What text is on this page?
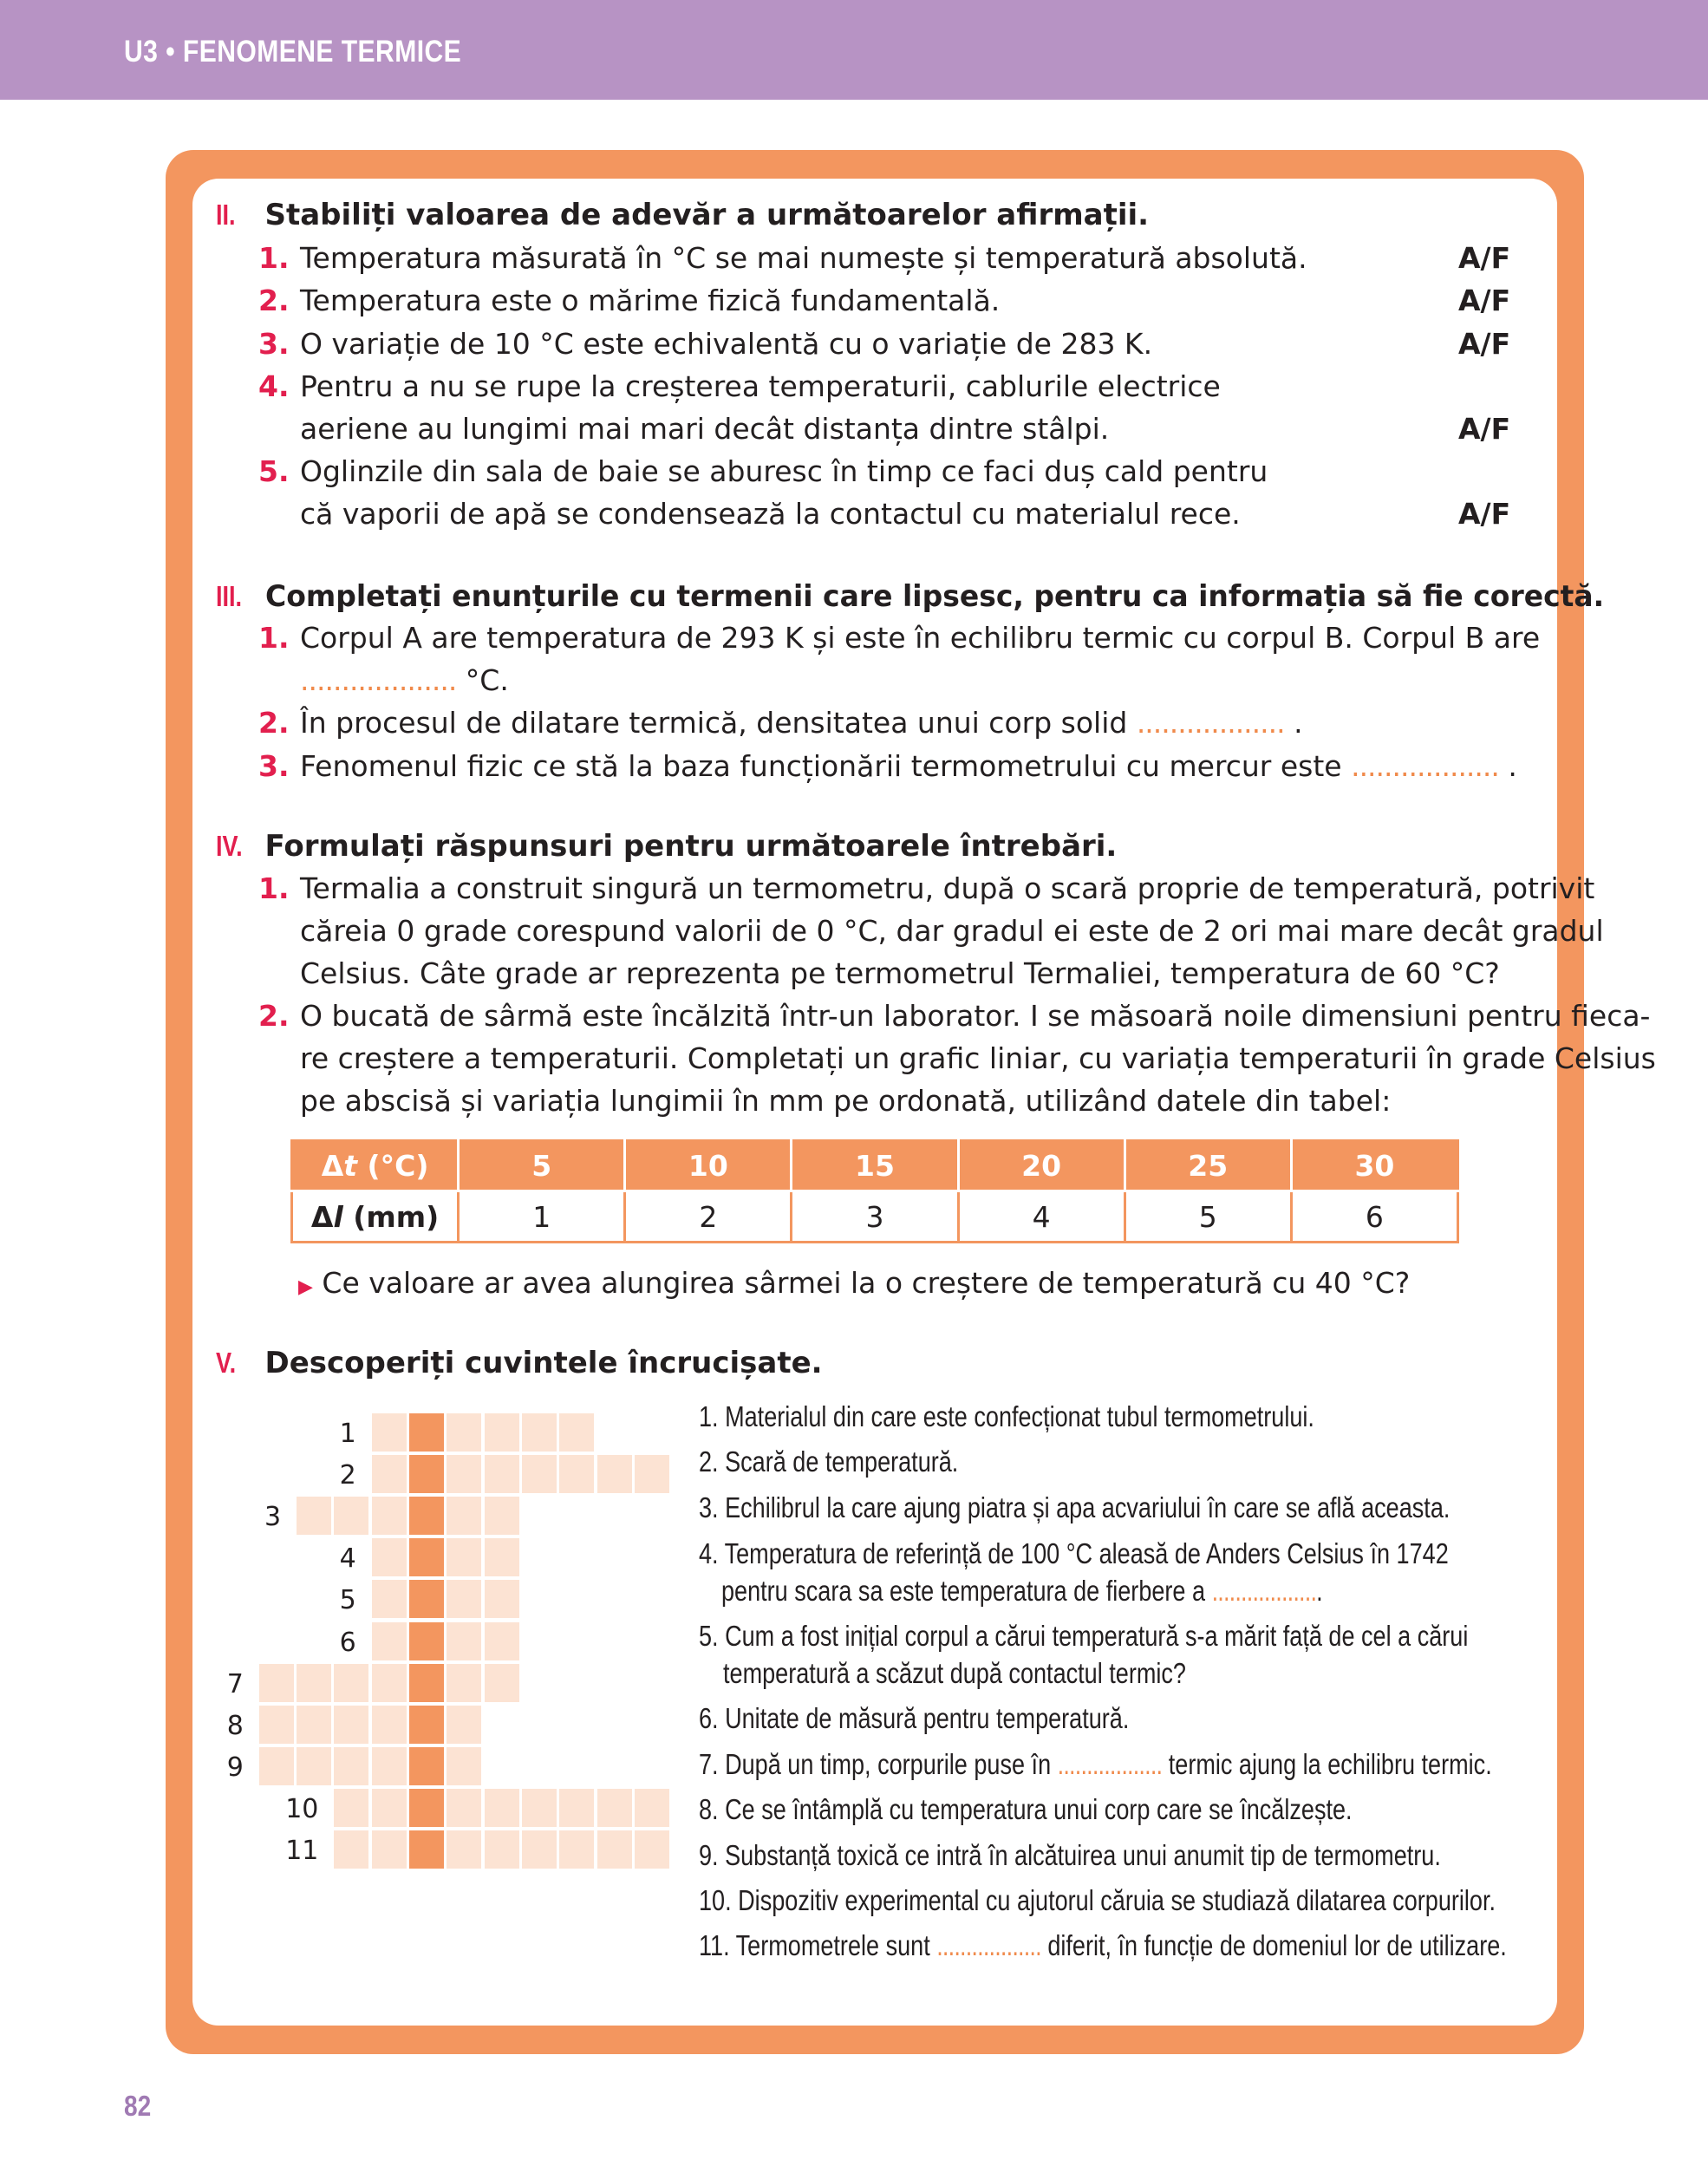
U3 • FENOMENE TERMICE
82
II. Stabiliți valoarea de adevăr a următoarelor afirmații.
1. Temperatura măsurată în °C se mai numește și temperatură absolută.	A/F
2. Temperatura este o mărime fizică fundamentală.	A/F
3. O variație de 10 °C este echivalentă cu o variație de 283 K.	A/F
4. Pentru a nu se rupe la creșterea temperaturii, cablurile electrice
aeriene au lungimi mai mari decât distanța dintre stâlpi.	A/F
5. Oglinzile din sala de baie se aburesc în timp ce faci duș cald pentru
că vaporii de apă se condensează la contactul cu materialul rece.	A/F
III. Completați enunțurile cu termenii care lipsesc, pentru ca informația să fie corectă.
1. Corpul A are temperatura de 293 K și este în echilibru termic cu corpul B. Corpul B are
................... °C.
2. În procesul de dilatare termică, densitatea unui corp solid .................. .
3. Fenomenul fizic ce stă la baza funcționării termometrului cu mercur este .................. .
IV. Formulați răspunsuri pentru următoarele întrebări.
1. Termalia a construit singură un termometru, după o scară proprie de temperatură, potrivit
căreia 0 grade corespund valorii de 0 °C, dar gradul ei este de 2 ori mai mare decât gradul
Celsius. Câte grade ar reprezenta pe termometrul Termaliei, temperatura de 60 °C?
2. O bucată de sârmă este încălzită într-un laborator. I se măsoară noile dimensiuni pentru fieca-
re creștere a temperaturii. Completați un grafic liniar, cu variația temperaturii în grade Celsius
pe abscisă și variația lungimii în mm pe ordonată, utilizând datele din tabel:
Δt (°C)	5	10	15	20	25	30
Δl (mm)	1	2	3	4	5	6
▶ Ce valoare ar avea alungirea sârmei la o creștere de temperatură cu 40 °C?
V. Descoperiți cuvintele încrucișate.
1
2
3
4
5
6
7
8
9
10
11
1. Materialul din care este confecționat tubul termometrului.
2. Scară de temperatură.
3. Echilibrul la care ajung piatra și apa acvariului în care se află aceasta.
4. Temperatura de referință de 100 °C aleasă de Anders Celsius în 1742
pentru scara sa este temperatura de fierbere a ...................
5. Cum a fost inițial corpul a cărui temperatură s-a mărit față de cel a cărui
temperatură a scăzut după contactul termic?
6. Unitate de măsură pentru temperatură.
7. După un timp, corpurile puse în .................. termic ajung la echilibru termic.
8. Ce se întâmplă cu temperatura unui corp care se încălzește.
9. Substanță toxică ce intră în alcătuirea unui anumit tip de termometru.
10. Dispozitiv experimental cu ajutorul căruia se studiază dilatarea corpurilor.
11. Termometrele sunt .................. diferit, în funcție de domeniul lor de utilizare.
